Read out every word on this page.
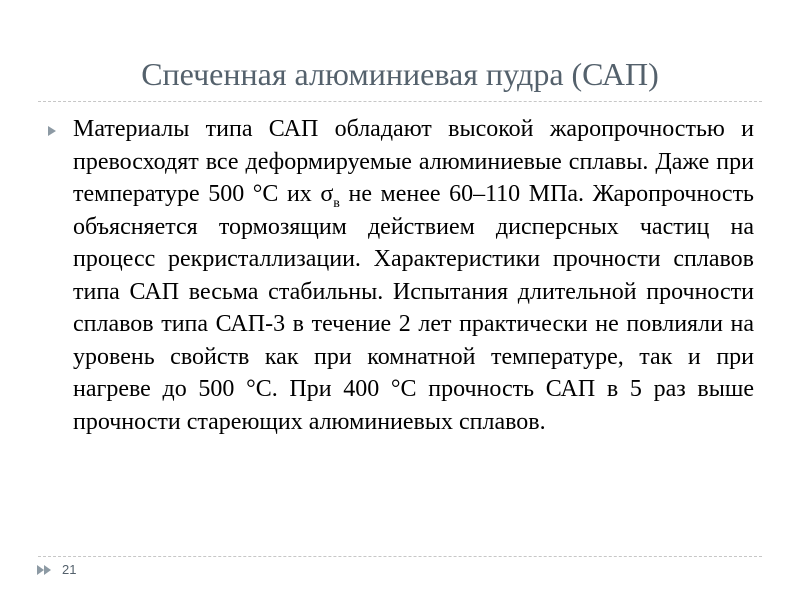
Спеченная алюминиевая пудра (САП)

Материалы типа САП обладают высокой жаропрочностью и превосходят все деформируемые алюминиевые сплавы. Даже при температуре 500 °С их $\sigma_в$ не менее 60–110 МПа. Жаропрочность объясняется тормозящим действием дисперсных частиц на процесс рекристаллизации. Характеристики прочности сплавов типа САП весьма стабильны. Испытания длительной прочности сплавов типа САП-3 в течение 2 лет практически не повлияли на уровень свойств как при комнатной температуре, так и при нагреве до 500 °С. При 400 °С прочность САП в 5 раз выше прочности стареющих алюминиевых сплавов.

21
